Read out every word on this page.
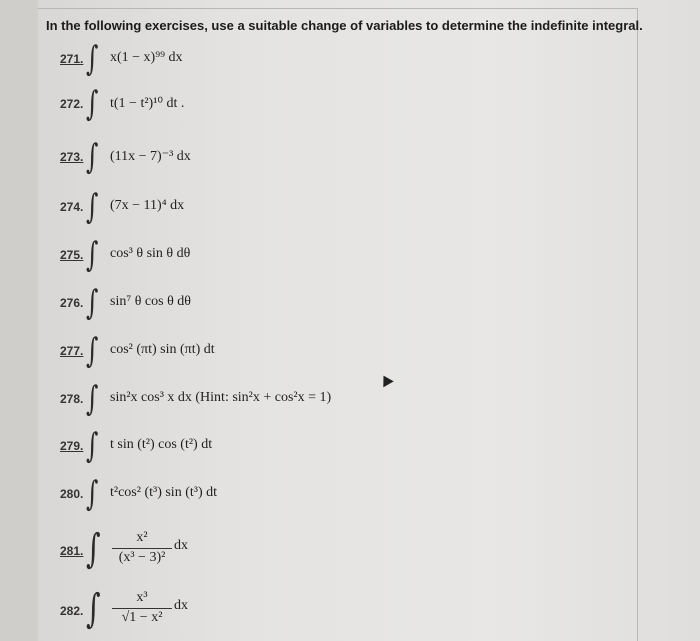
In the following exercises, use a suitable change of variables to determine the indefinite integral.
271. ∫ x(1 − x)⁹⁹ dx
272. ∫ t(1 − t²)¹⁰ dt .
273. ∫ (11x − 7)⁻³ dx
274. ∫ (7x − 11)⁴ dx
275. ∫ cos³ θ sin θ dθ
276. ∫ sin⁷ θ cos θ dθ
277. ∫ cos² (πt) sin (πt) dt
278. ∫ sin²x cos³ x dx (Hint: sin²x + cos²x = 1)
279. ∫ t sin (t²) cos (t²) dt
280. ∫ t²cos² (t³) sin (t³) dt
281. ∫	x²
(x³ − 3)²
dx
282. ∫	x³
√1 − x²
dx
